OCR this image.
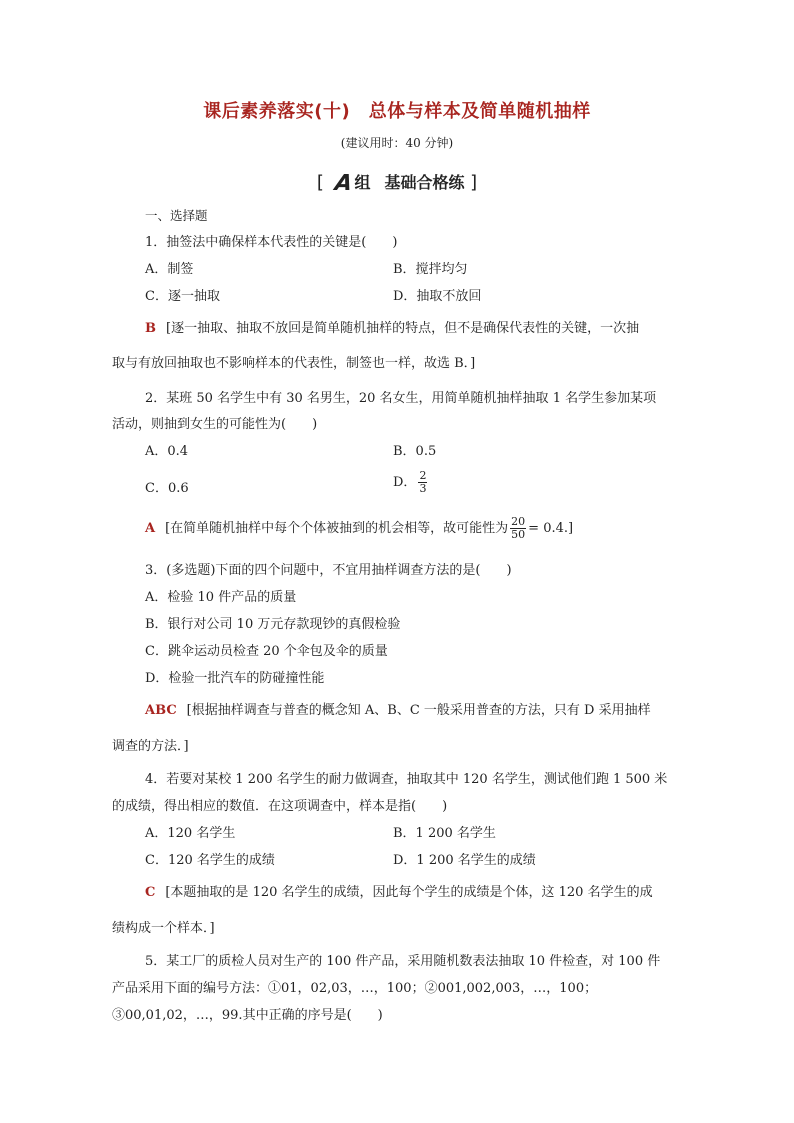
课后素养落实(十)　总体与样本及简单随机抽样
(建议用时：40 分钟)
[ A组 基础合格练 ]
一、选择题
1．抽签法中确保样本代表性的关键是(　　)
A．制签	B．搅拌均匀
C．逐一抽取	D．抽取不放回
B [逐一抽取、抽取不放回是简单随机抽样的特点，但不是确保代表性的关键，一次抽
取与有放回抽取也不影响样本的代表性，制签也一样，故选 B．]
2．某班 50 名学生中有 30 名男生，20 名女生，用简单随机抽样抽取 1 名学生参加某项
活动，则抽到女生的可能性为(　　)
A．0.4	B．0.5
C．0.6	D． $\frac{2}{3}$
A [在简单随机抽样中每个个体被抽到的机会相等，故可能性为 $\frac{20}{50} = 0.4$.]
3．(多选题)下面的四个问题中，不宜用抽样调查方法的是(　　)
A．检验 10 件产品的质量
B．银行对公司 10 万元存款现钞的真假检验
C．跳伞运动员检查 20 个伞包及伞的质量
D．检验一批汽车的防碰撞性能
ABC [根据抽样调查与普查的概念知 A、B、C 一般采用普查的方法，只有 D 采用抽样
调查的方法．]
4．若要对某校 1 200 名学生的耐力做调查，抽取其中 120 名学生，测试他们跑 1 500 米
的成绩，得出相应的数值．在这项调查中，样本是指(　　)
A．120 名学生	B．1 200 名学生
C．120 名学生的成绩	D．1 200 名学生的成绩
C [本题抽取的是 120 名学生的成绩，因此每个学生的成绩是个体，这 120 名学生的成
绩构成一个样本．]
5．某工厂的质检人员对生产的 100 件产品，采用随机数表法抽取 10 件检查，对 100 件
产品采用下面的编号方法：①01，02,03，…，100；②001,002,003，…，100；
③00,01,02，…，99.其中正确的序号是(　　)
